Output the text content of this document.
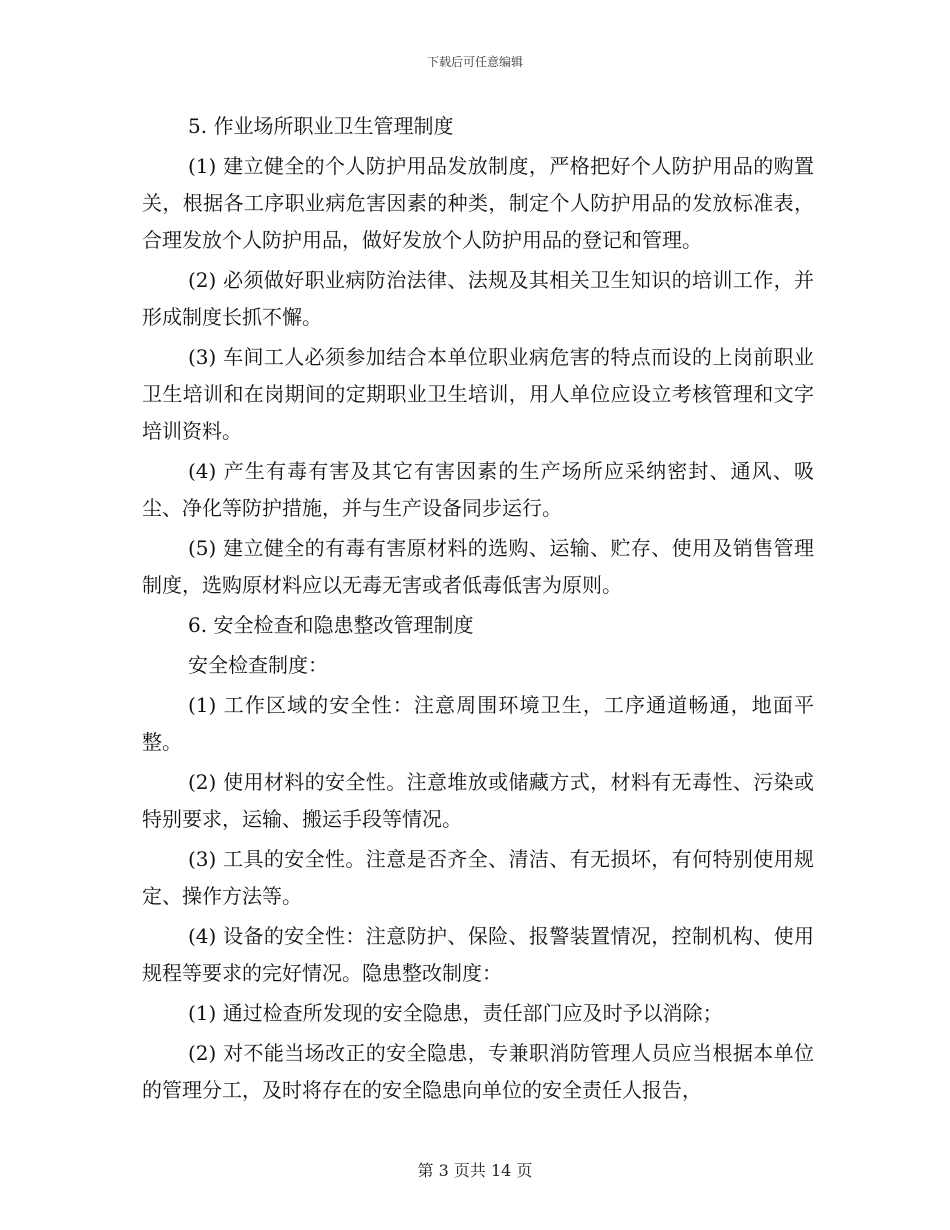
下载后可任意编辑

5. 作业场所职业卫生管理制度

(1) 建立健全的个人防护用品发放制度，严格把好个人防护用品的购置关，根据各工序职业病危害因素的种类，制定个人防护用品的发放标准表，合理发放个人防护用品，做好发放个人防护用品的登记和管理。

(2) 必须做好职业病防治法律、法规及其相关卫生知识的培训工作，并形成制度长抓不懈。

(3) 车间工人必须参加结合本单位职业病危害的特点而设的上岗前职业卫生培训和在岗期间的定期职业卫生培训，用人单位应设立考核管理和文字培训资料。

(4) 产生有毒有害及其它有害因素的生产场所应采纳密封、通风、吸尘、净化等防护措施，并与生产设备同步运行。

(5) 建立健全的有毒有害原材料的选购、运输、贮存、使用及销售管理制度，选购原材料应以无毒无害或者低毒低害为原则。

6. 安全检查和隐患整改管理制度

安全检查制度：

(1) 工作区域的安全性：注意周围环境卫生，工序通道畅通，地面平整。

(2) 使用材料的安全性。注意堆放或储藏方式，材料有无毒性、污染或特别要求，运输、搬运手段等情况。

(3) 工具的安全性。注意是否齐全、清洁、有无损坏，有何特别使用规定、操作方法等。

(4) 设备的安全性：注意防护、保险、报警装置情况，控制机构、使用规程等要求的完好情况。隐患整改制度：

(1) 通过检查所发现的安全隐患，责任部门应及时予以消除；

(2) 对不能当场改正的安全隐患，专兼职消防管理人员应当根据本单位的管理分工，及时将存在的安全隐患向单位的安全责任人报告，

第 3 页共 14 页
